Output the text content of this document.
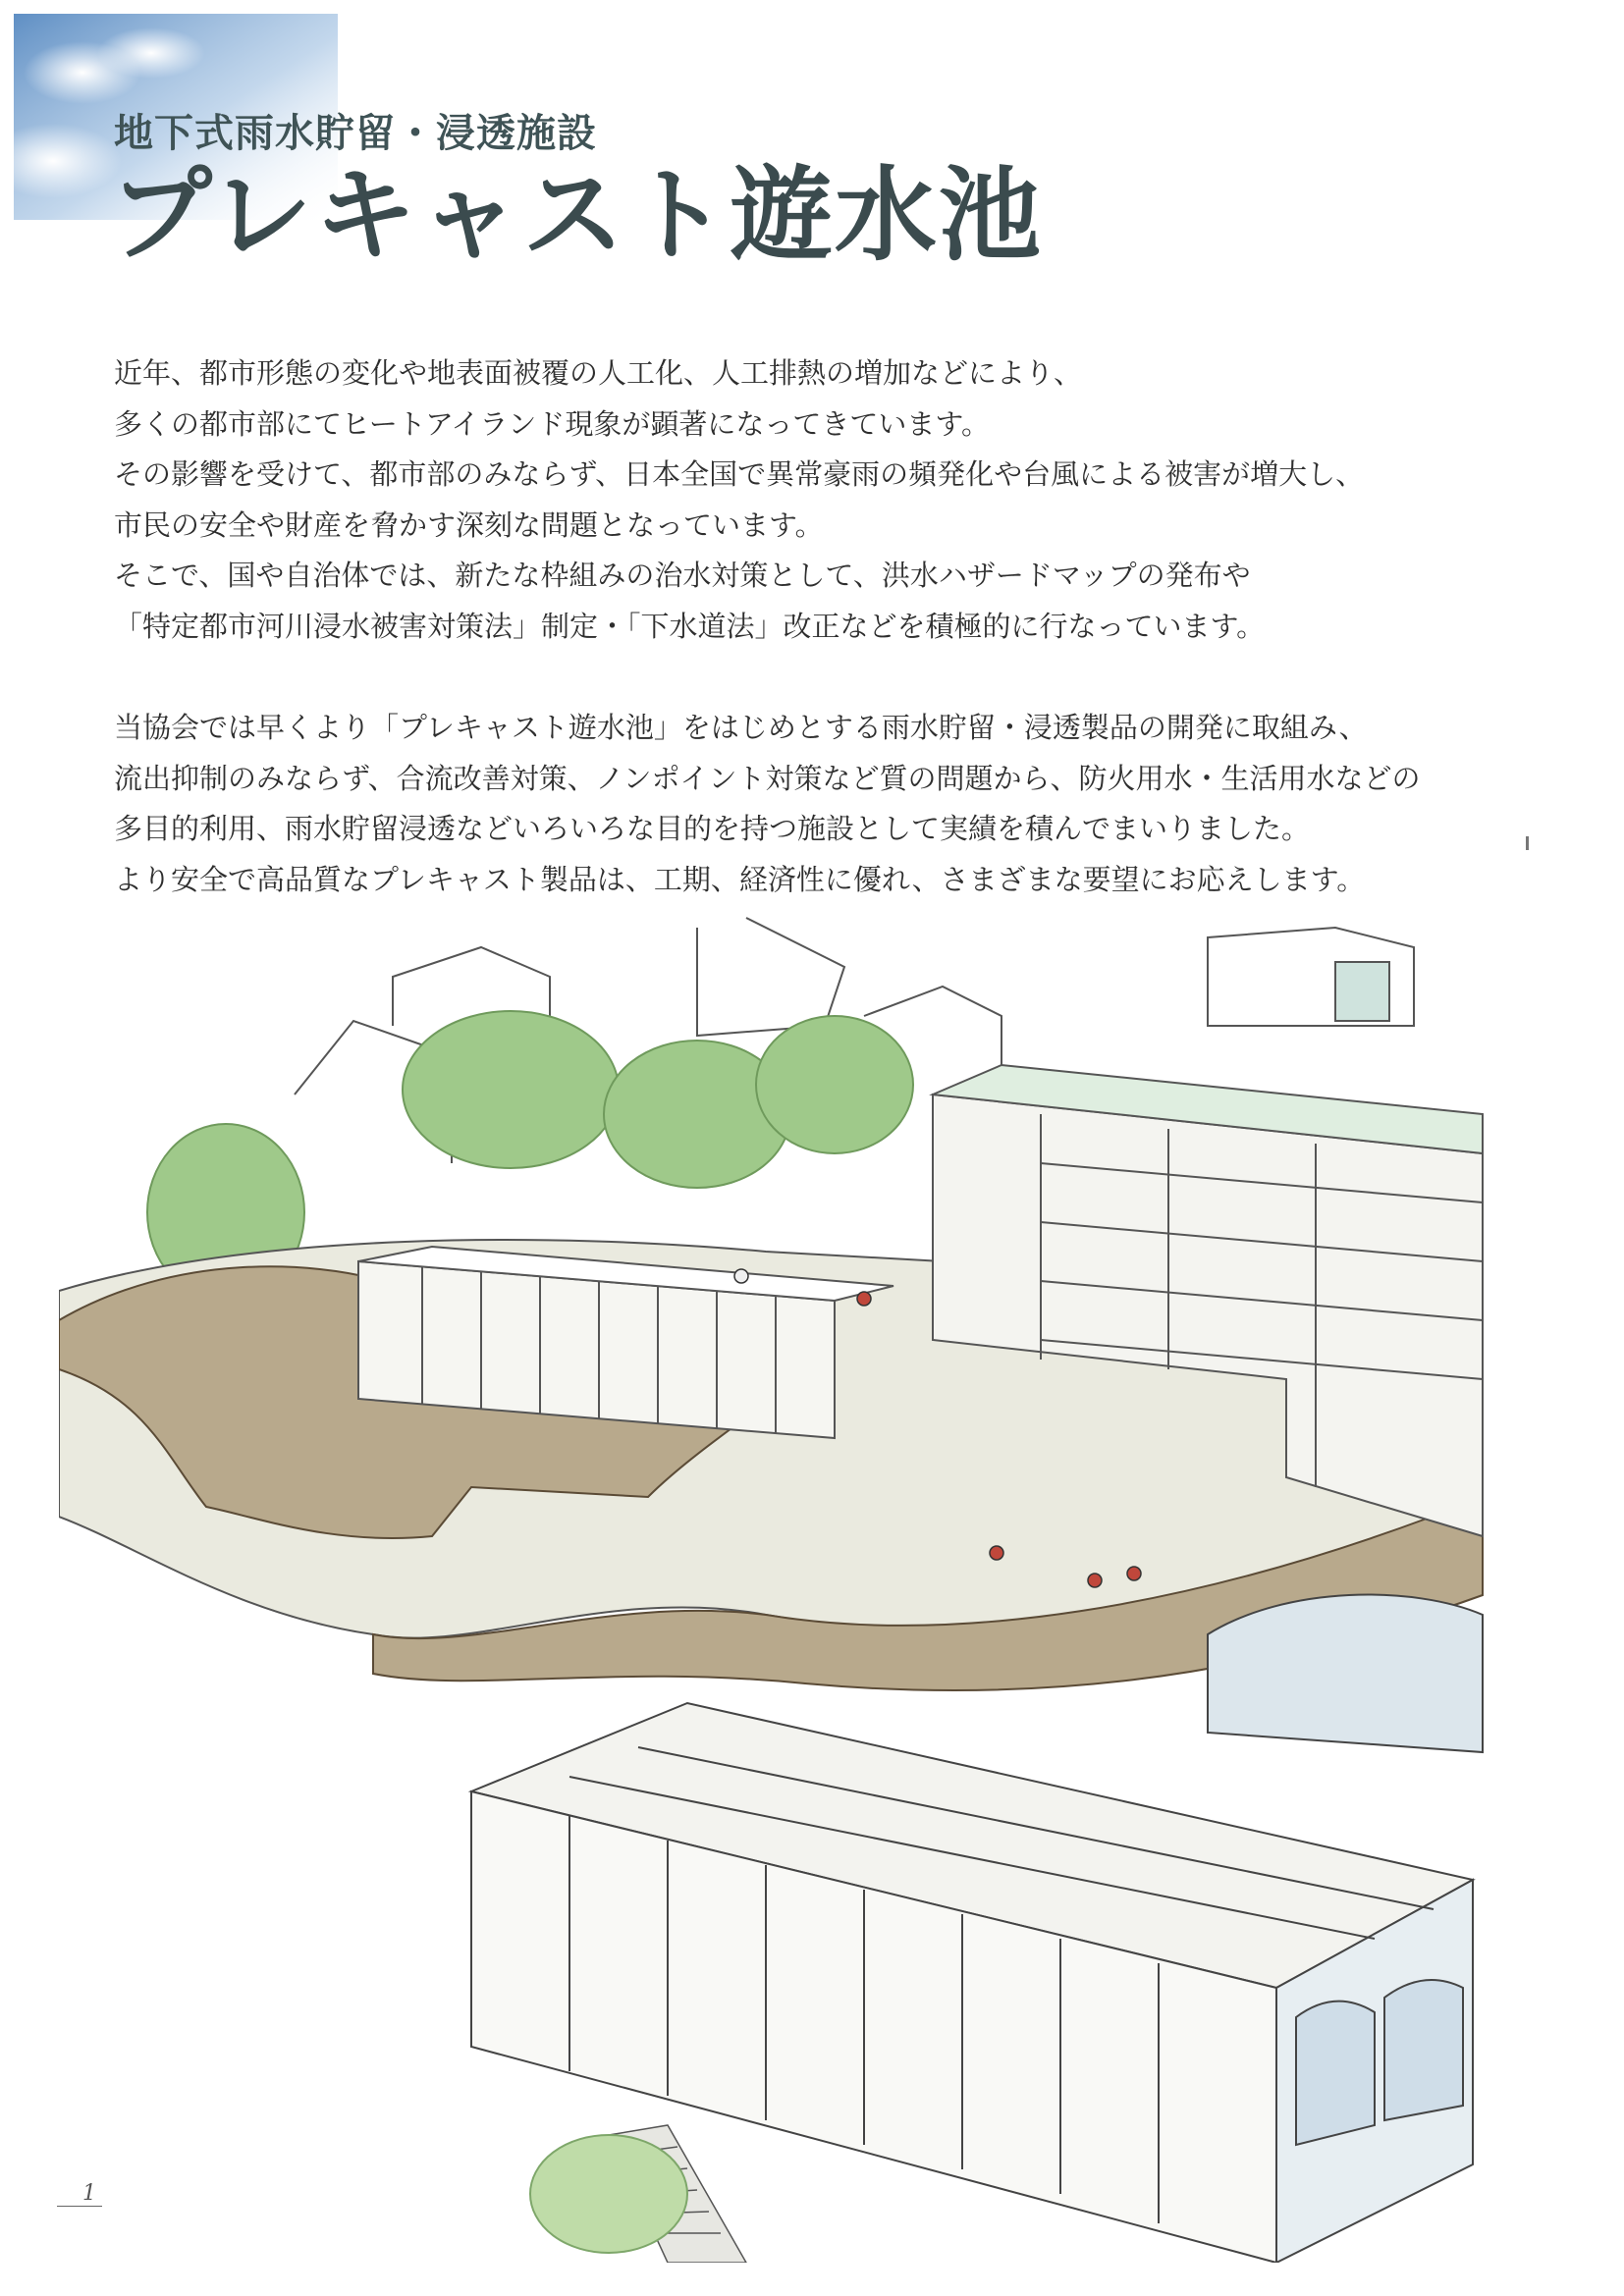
地下式雨水貯留・浸透施設
プレキャスト遊水池

近年、都市形態の変化や地表面被覆の人工化、人工排熱の増加などにより、

多くの都市部にてヒートアイランド現象が顕著になってきています。

その影響を受けて、都市部のみならず、日本全国で異常豪雨の頻発化や台風による被害が増大し、

市民の安全や財産を脅かす深刻な問題となっています。

そこで、国や自治体では、新たな枠組みの治水対策として、洪水ハザードマップの発布や

「特定都市河川浸水被害対策法」制定・「下水道法」改正などを積極的に行なっています。

当協会では早くより「プレキャスト遊水池」をはじめとする雨水貯留・浸透製品の開発に取組み、

流出抑制のみならず、合流改善対策、ノンポイント対策など質の問題から、防火用水・生活用水などの

多目的利用、雨水貯留浸透などいろいろな目的を持つ施設として実績を積んでまいりました。

より安全で高品質なプレキャスト製品は、工期、経済性に優れ、さまざまな要望にお応えします。

1
